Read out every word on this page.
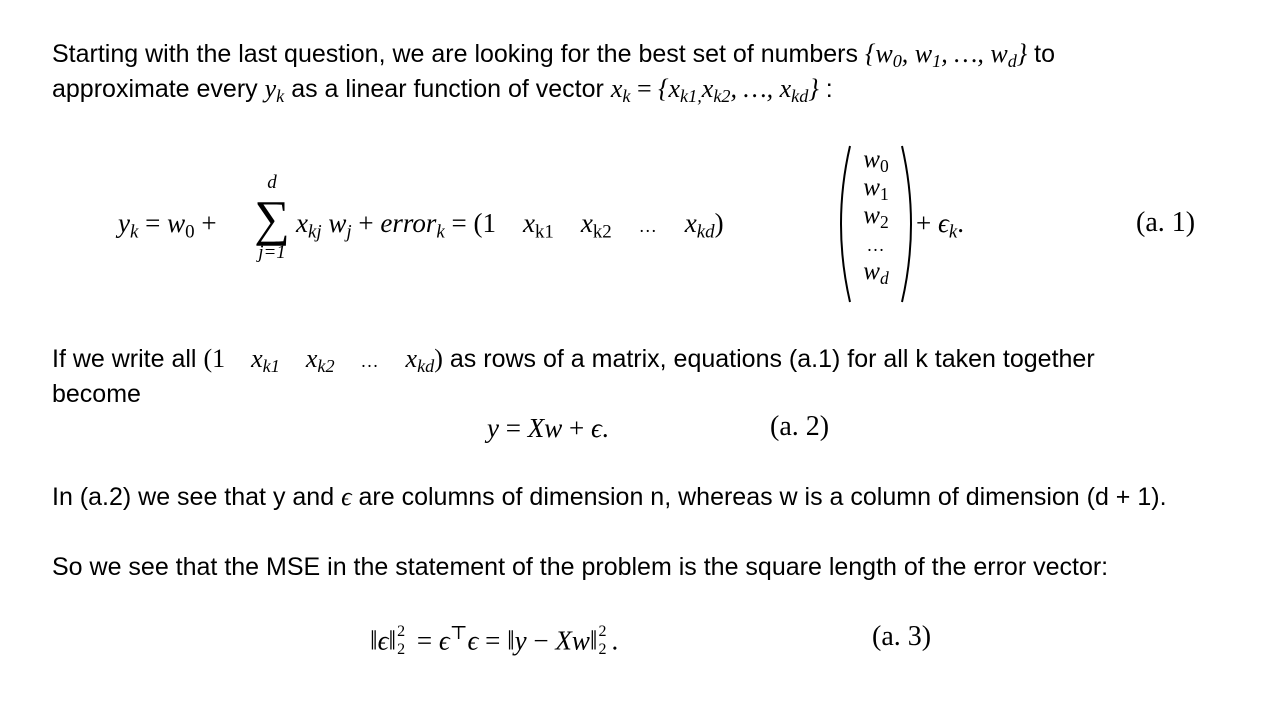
Starting with the last question, we are looking for the best set of numbers {$w_0$, $w_1$, …, $w_d$} to
approximate every $y_k$ as a linear function of vector $x_k = \{x_{k1,}x_{k2}$, …, $x_{kd}$} :
$y_k = w_0$ +
d
∑
j=1
$x_{kj}$ $w_j$ + error$_k$ = (1    $x_{k1}$ $x_{k2}$ … $x_{kd}$)
$w_0$
$w_1$
$w_2$
…
$w_d$
+ $\epsilon_k$.	(a. 1)
If we write all (1    $x_{k1}$ $x_{k2}$ … $x_{kd}$) as rows of a matrix, equations (a.1) for all k taken together
become
y = Xw + ϵ.	(a. 2)
In (a.2) we see that y and ϵ are columns of dimension n, whereas w is a column of dimension (d + 1).
So we see that the MSE in the statement of the problem is the square length of the error vector:
‖ϵ‖ 2
2 = ϵ⊤ϵ = ‖y − Xw‖ 2
2 .	(a. 3)
